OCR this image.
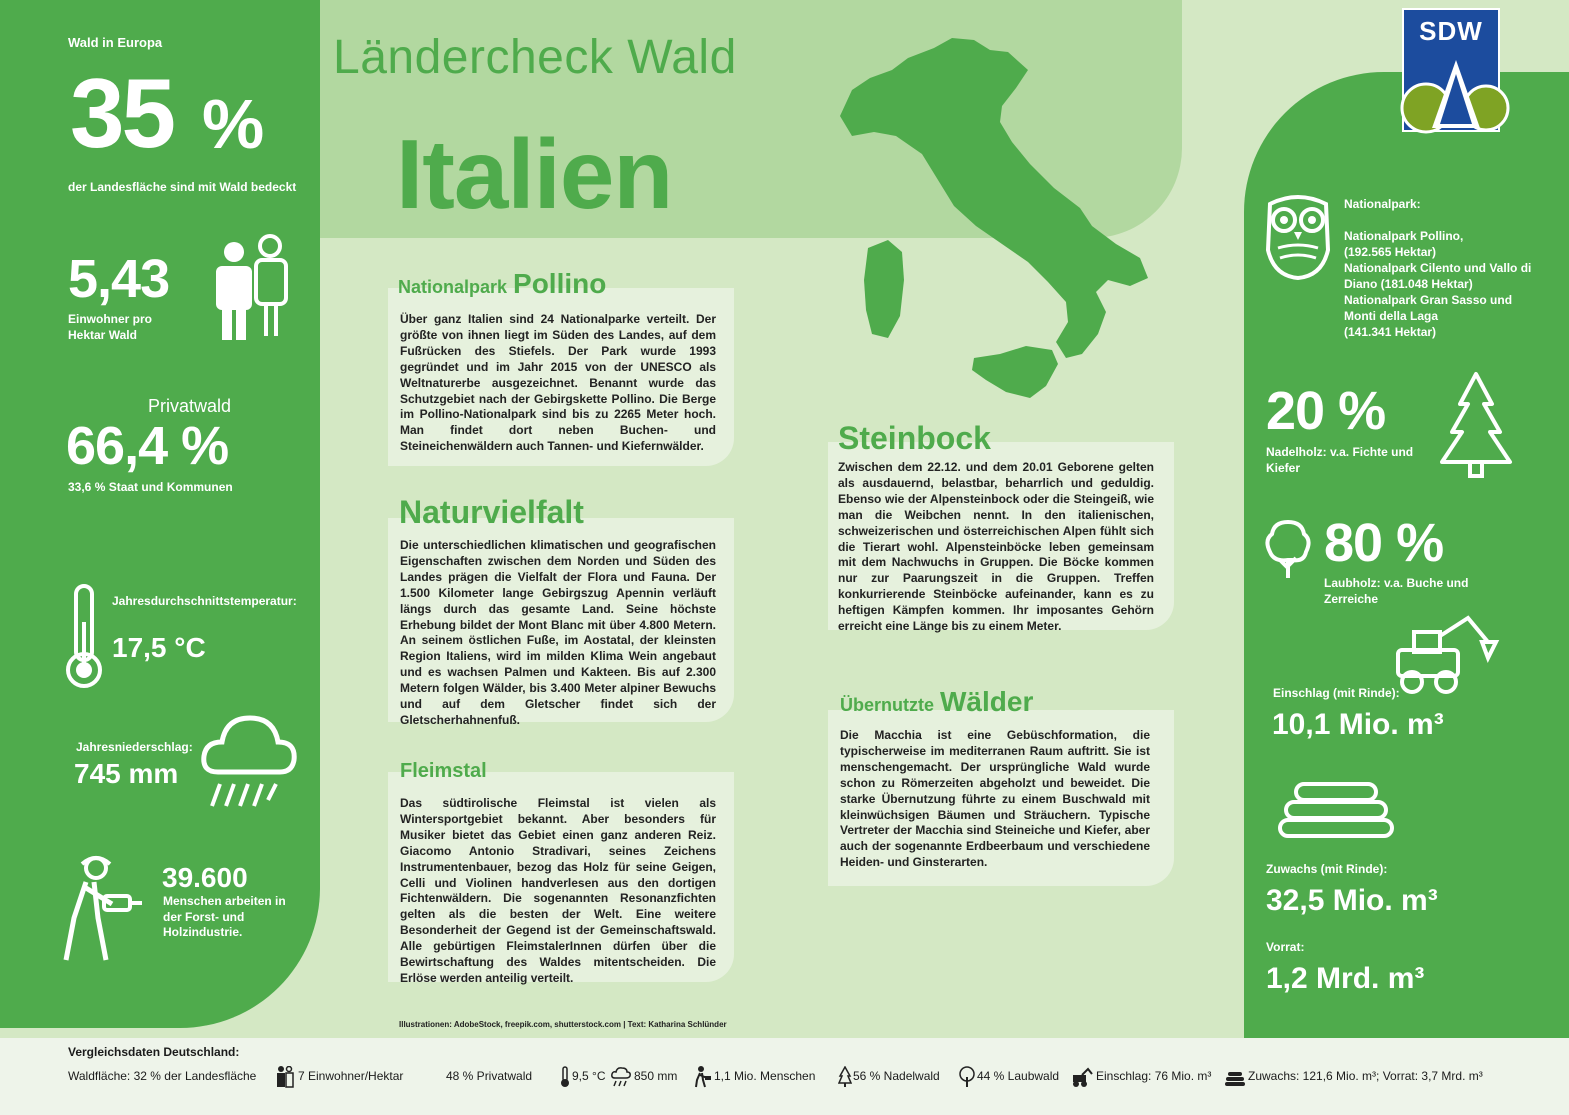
Wald in Europa
35 %
der Landesfläche sind mit Wald bedeckt
5,43
Einwohner pro Hektar Wald
Privatwald
66,4 %
33,6 % Staat und Kommunen
Jahresdurchschnittstemperatur:
17,5 °C
Jahresniederschlag:
745 mm
39.600
Menschen arbeiten in der Forst- und Holzindustrie.
Ländercheck Wald
Italien
SDW
Nationalpark:
Nationalpark Pollino,
(192.565 Hektar)
Nationalpark Cilento und Vallo di Diano (181.048 Hektar)
Nationalpark Gran Sasso und Monti della Laga
(141.341 Hektar)
20 %
Nadelholz: v.a. Fichte und Kiefer
80 %
Laubholz: v.a. Buche und Zerreiche
Einschlag (mit Rinde):
10,1 Mio. m³
Zuwachs (mit Rinde):
32,5 Mio. m³
Vorrat:
1,2 Mrd. m³
Nationalpark Pollino
Über ganz Italien sind 24 Nationalparke verteilt. Der größte von ihnen liegt im Süden des Landes, auf dem Fußrücken des Stiefels. Der Park wurde 1993 gegründet und im Jahr 2015 von der UNESCO als Weltnaturerbe ausgezeichnet. Benannt wurde das Schutzgebiet nach der Gebirgskette Pollino. Die Berge im Pollino-Nationalpark sind bis zu 2265 Meter hoch. Man findet dort neben Buchen- und Steineichenwäldern auch Tannen- und Kiefernwälder.
Naturvielfalt
Die unterschiedlichen klimatischen und geografischen Eigenschaften zwischen dem Norden und Süden des Landes prägen die Vielfalt der Flora und Fauna. Der 1.500 Kilometer lange Gebirgszug Apennin verläuft längs durch das gesamte Land. Seine höchste Erhebung bildet der Mont Blanc mit über 4.800 Metern. An seinem östlichen Fuße, im Aostatal, der kleinsten Region Italiens, wird im milden Klima Wein angebaut und es wachsen Palmen und Kakteen. Bis auf 2.300 Metern folgen Wälder, bis 3.400 Meter alpiner Bewuchs und auf dem Gletscher findet sich der Gletscherhahnenfuß.
Fleimstal
Das südtirolische Fleimstal ist vielen als Wintersportgebiet bekannt. Aber besonders für Musiker bietet das Gebiet einen ganz anderen Reiz. Giacomo Antonio Stradivari, seines Zeichens Instrumentenbauer, bezog das Holz für seine Geigen, Celli und Violinen handverlesen aus den dortigen Fichtenwäldern. Die sogenannten Resonanzfichten gelten als die besten der Welt. Eine weitere Besonderheit der Gegend ist der Gemeinschaftswald. Alle gebürtigen FleimstalerInnen dürfen über die Bewirtschaftung des Waldes mitentscheiden. Die Erlöse werden anteilig verteilt.
Steinbock
Zwischen dem 22.12. und dem 20.01 Geborene gelten als ausdauernd, belastbar, beharrlich und geduldig. Ebenso wie der Alpensteinbock oder die Steingeiß, wie man die Weibchen nennt. In den italienischen, schweizerischen und österreichischen Alpen fühlt sich die Tierart wohl. Alpensteinböcke leben gemeinsam mit dem Nachwuchs in Gruppen. Die Böcke kommen nur zur Paarungszeit in die Gruppen. Treffen konkurrierende Steinböcke aufeinander, kann es zu heftigen Kämpfen kommen. Ihr imposantes Gehörn erreicht eine Länge bis zu einem Meter.
Übernutzte Wälder
Die Macchia ist eine Gebüschformation, die typischerweise im mediterranen Raum auftritt. Sie ist menschengemacht. Der ursprüngliche Wald wurde schon zu Römerzeiten abgeholzt und beweidet. Die starke Übernutzung führte zu einem Buschwald mit kleinwüchsigen Bäumen und Sträuchern. Typische Vertreter der Macchia sind Steineiche und Kiefer, aber auch der sogenannte Erdbeerbaum und verschiedene Heiden- und Ginsterarten.
Illustrationen: AdobeStock, freepik.com, shutterstock.com | Text: Katharina Schlünder
Vergleichsdaten Deutschland:
Waldfläche: 32 % der Landesfläche	7 Einwohner/Hektar	48 % Privatwald	9,5 °C 850 mm	1,1 Mio. Menschen	56 % Nadelwald	44 % Laubwald	Einschlag: 76 Mio. m³	Zuwachs: 121,6 Mio. m³; Vorrat: 3,7 Mrd. m³
